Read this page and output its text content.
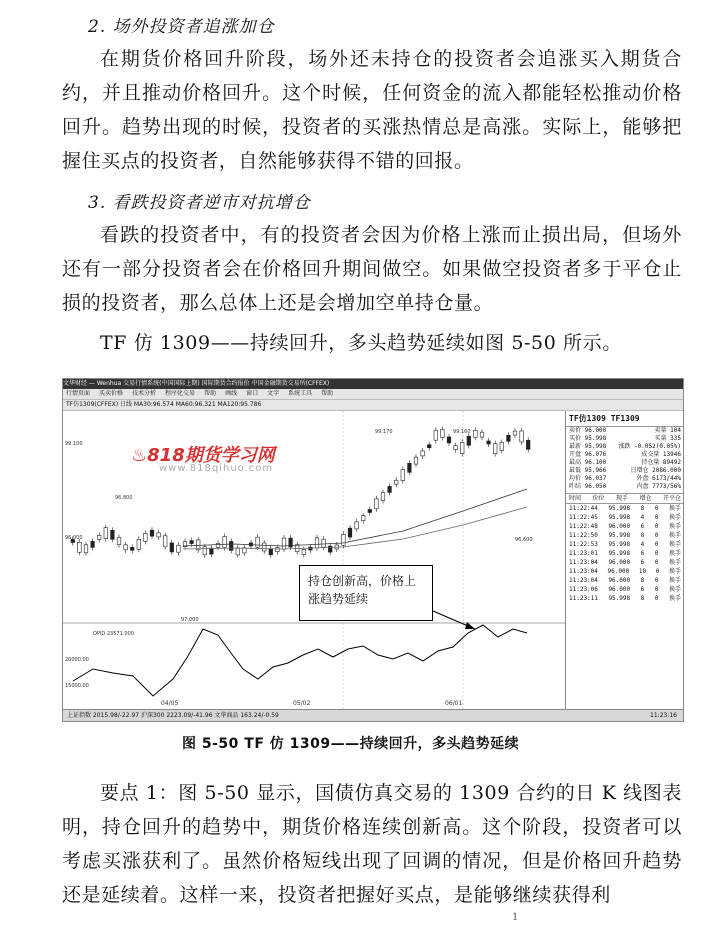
2. 场外投资者追涨加仓
在期货价格回升阶段，场外还未持仓的投资者会追涨买入期货合约，并且推动价格回升。这个时候，任何资金的流入都能轻松推动价格回升。趋势出现的时候，投资者的买涨热情总是高涨。实际上，能够把握住买点的投资者，自然能够获得不错的回报。
3. 看跌投资者逆市对抗增仓
看跌的投资者中，有的投资者会因为价格上涨而止损出局，但场外还有一部分投资者会在价格回升期间做空。如果做空投资者多于平仓止损的投资者，那么总体上还是会增加空单持仓量。
TF 仿 1309——持续回升，多头趋势延续如图 5-50 所示。
文华财经 — Wenhua 交易行情系统(中国国际上期) 国际期货合约报价 中国金融期货交易所(CFFEX)
行情页面 买卖价格 技术分析 程序化交易 帮助 画线 窗口 文字 系统工具 帮助
TF仿1309(CFFEX) 日线 MA30:96.574 MA60:96.321 MA120:95.786
96.800
96.000
97.000
99.170	99.160
99.100
96.600
OPID 23571.000
20000.00
15000.00
04/05	05/02	06/01
♨818期货学习网
www.818qihuo.com
持仓创新高，价格上涨趋势延续
TF仿1309 TF1309
卖价 96.000	卖量 104
买价 95.998	买量 335
最新 95.998 涨跌 -0.052(0.05%)
开盘 96.076	成交量 13946
最高 96.100	持仓量 89492
最低 95.966	日增仓 2086.000
均价 96.037	外盘 6173/44%
昨结 96.050	内盘 7773/56%
时间 价位 现手 增仓 开平仓
11:22:44 95.998 8 0 换手
11:22:45 95.998 4 0 换手
11:22:48 96.000 6 0 换手
11:22:50 95.998 8 0 换手
11:22:53 95.998 4 0 换手
11:23:01 95.998 6 0 换手
11:23:04 96.000 6 0 换手
11:23:04 96.000 10 0 换手
11:23:04 96.000 8 0 换手
11:23:06 96.000 6 0 换手
11:23:11 95.998 8 0 换手
上证指数 2015.98/-22.97 沪深300 2223.09/-41.96 文华商品 163.24/-0.59	11:23:16
图 5-50 TF 仿 1309——持续回升，多头趋势延续
要点 1：图 5-50 显示，国债仿真交易的 1309 合约的日 K 线图表明，持仓回升的趋势中，期货价格连续创新高。这个阶段，投资者可以考虑买涨获利了。虽然价格短线出现了回调的情况，但是价格回升趋势还是延续着。这样一来，投资者把握好买点，是能够继续获得利
1
